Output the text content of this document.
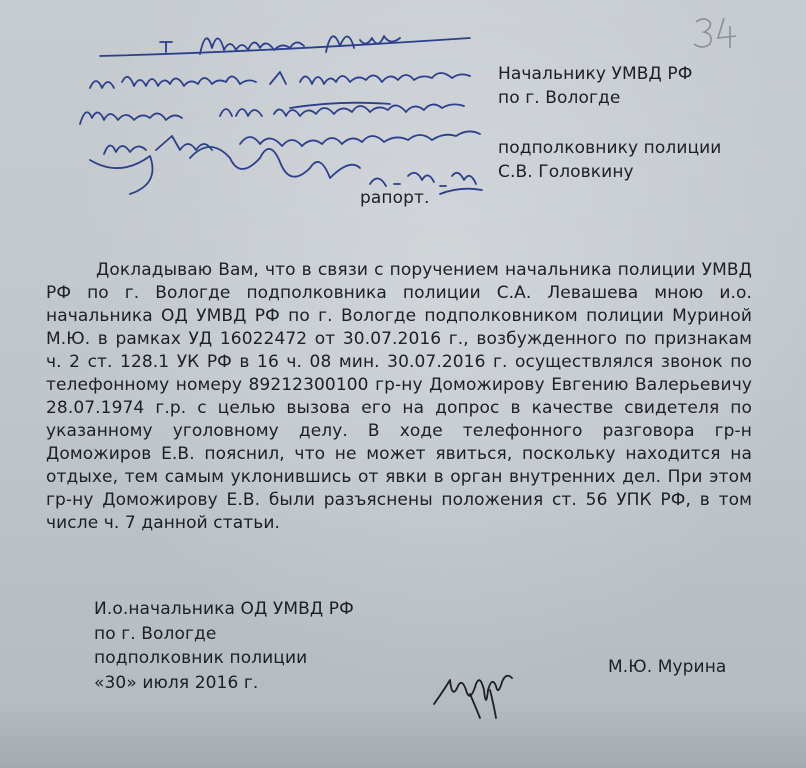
Начальнику УМВД РФ
по г. Вологде
подполковнику полиции
С.В. Головкину
рапорт.
Докладываю Вам, что в связи с поручением начальника полиции УМВД РФ по г. Вологде подполковника полиции С.А. Левашева мною и.о. начальника ОД УМВД РФ по г. Вологде подполковником полиции Муриной М.Ю. в рамках УД 16022472 от 30.07.2016 г., возбужденного по признакам ч. 2 ст. 128.1 УК РФ в 16 ч. 08 мин. 30.07.2016 г. осуществлялся звонок по телефонному номеру 89212300100 гр-ну Доможирову Евгению Валерьевичу 28.07.1974 г.р. с целью вызова его на допрос в качестве свидетеля по указанному уголовному делу. В ходе телефонного разговора гр-н Доможиров Е.В. пояснил, что не может явиться, поскольку находится на отдыхе, тем самым уклонившись от явки в орган внутренних дел. При этом гр-ну Доможирову Е.В. были разъяснены положения ст. 56 УПК РФ, в том числе ч. 7 данной статьи.
И.о.начальника ОД УМВД РФ
по г. Вологде
подполковник полиции
«30» июля 2016 г.
М.Ю. Мурина
